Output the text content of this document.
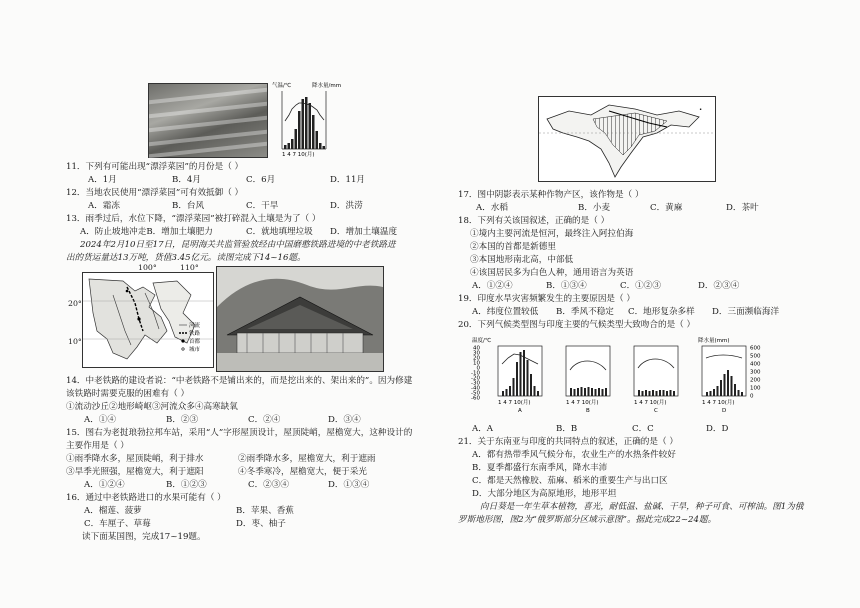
气温/℃	降水量/mm
1 4 7 10(月)
11．下列有可能出现“漂浮菜园”的月份是（ ）
A．1月	B．4月	C．6月	D．11月
12．当地农民使用“漂浮菜园”可有效抵御（ ）
A．霜冻	B．台风	C．干旱	D．洪涝
13．雨季过后，水位下降，“漂浮菜园”被打碎混入土壤是为了（ ）
A．防止坡地冲走B．增加土壤肥力	C．就地填埋垃圾 D．增加土壤温度
2024年2月10日至17日，昆明海关共监管验放经由中国磨憨铁路进境的中老铁路进
出的货运量达13万吨，货值3.45亿元。读图完成下14~16题。
河流
铁路
首都
城市
100°	110°
20°
10°
14．中老铁路的建设者说：“中老铁路不是铺出来的，而是挖出来的、架出来的”。因为修建
该铁路时需要克服的困难有（ ）
①流动沙丘②地形崎岖③河流众多④高寒缺氧
A．①④	B．②③	C．②④	D．③④
15．图右为老挝琅勃拉邦车站，采用“人”字形屋顶设计，屋顶陡峭，屋檐宽大，这种设计的
主要作用是（ ）
①雨季降水多，屋顶陡峭，利于排水	②雨季降水多，屋檐宽大，利于遮雨
③旱季光照强，屋檐宽大，利于遮阳	④冬季寒冷，屋檐宽大，便于采光
A．①②④	B．①②③	C．②③④	D．①③④
16．通过中老铁路进口的水果可能有（ ）
A．榴莲、菠萝	B．苹果、香蕉
C．车厘子、草莓	D．枣、柚子
读下面某国图，完成17~19题。
•
17．图中阴影表示某种作物产区，该作物是（ ）
A．水稻	B．小麦	C．黄麻	D．茶叶
18．下列有关该国叙述，正确的是（ ）
①境内主要河流是恒河，最终注入阿拉伯海
②本国的首都是新德里
③本国地形南北高，中部低
④该国居民多为白色人种，通用语言为英语
A．①②④	B．①③④	C．①②③	D．②③④
19．印度水旱灾害频繁发生的主要原因是（ ）
A．纬度位置较低 B．季风不稳定 C．地形复杂多样 D．三面濒临海洋
20．下列气候类型图与印度主要的气候类型大致吻合的是（ ）
温度/℃	降水量(mm)
40
30
20
10
0
-10
-20
-30
-40
-50
-60
600
500
400
300
200
100
0
1 4 7 10(月)	1 4 7 10(月)	1 4 7 10(月)	1 4 7 10(月)
A	B	C	D
A．A	B．B	C．C	D．D
21．关于东南亚与印度的共同特点的叙述，正确的是（ ）
A．都有热带季风气候分布，农业生产的水热条件较好
B．夏季都盛行东南季风，降水丰沛
C．都是天然橡胶、茄麻、稻米的重要生产与出口区
D．大部分地区为高原地形，地形平坦
向日葵是一年生草本植物，喜光，耐低温、盐碱、干旱，种子可食、可榨油。图1为俄
罗斯地形图，图2为“俄罗斯部分区域示意图”。据此完成22~24题。
